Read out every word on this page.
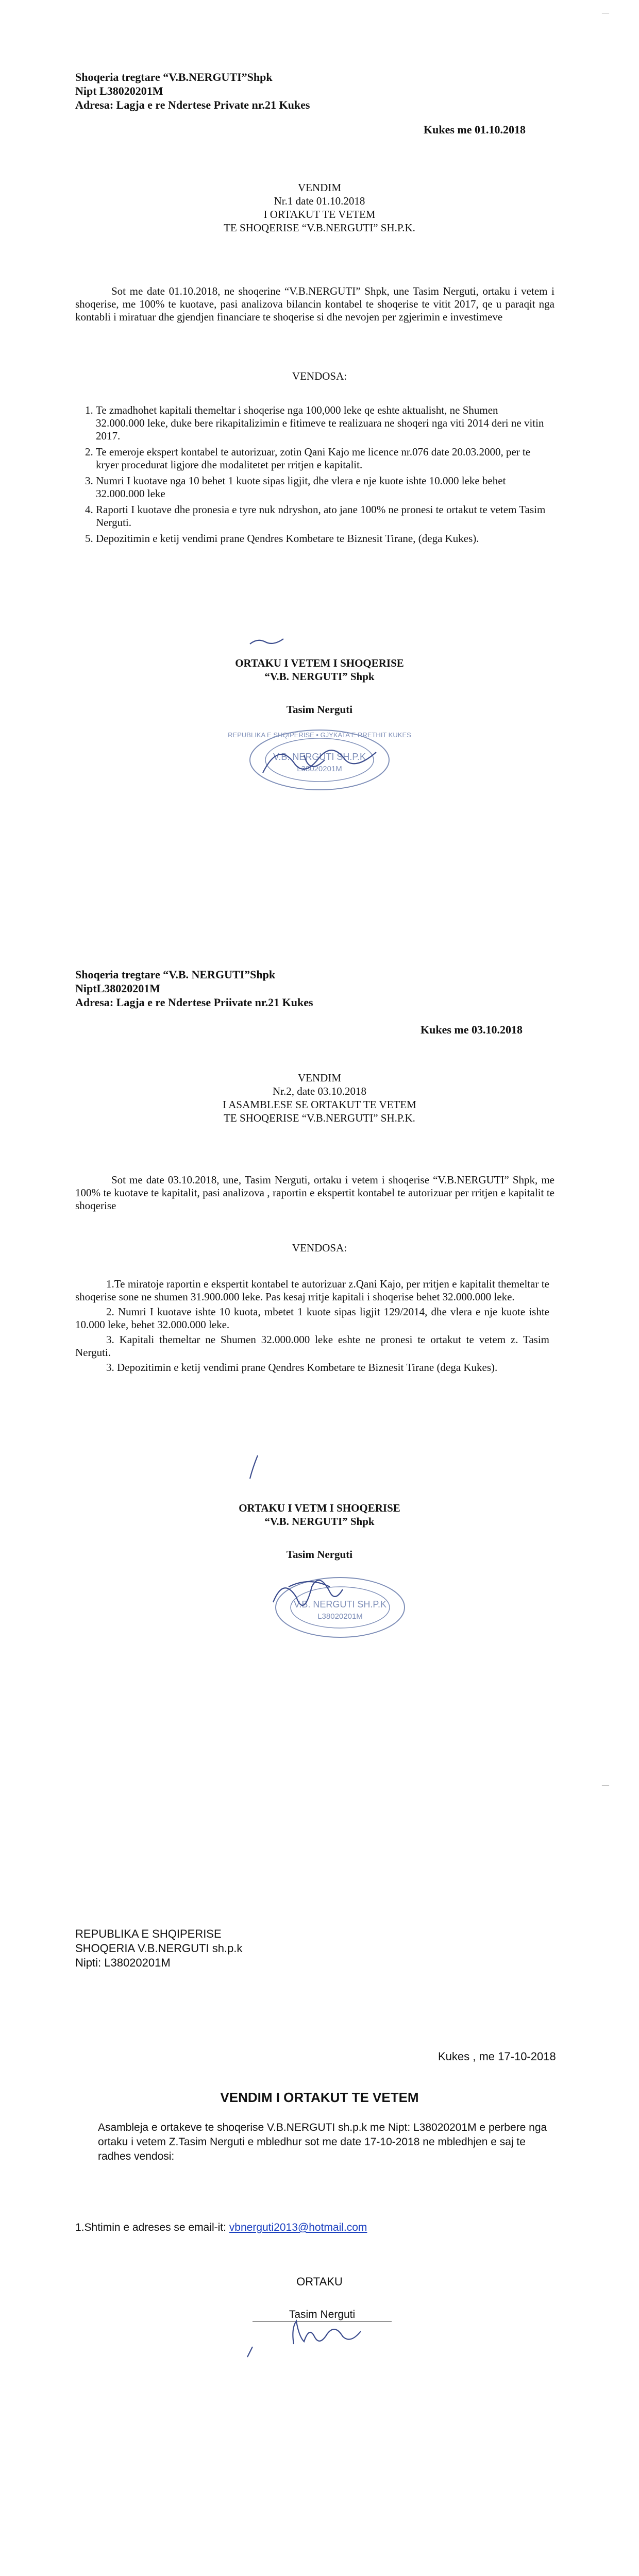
—
Shoqeria tregtare “V.B.NERGUTI”Shpk
Nipt L38020201M
Adresa: Lagja e re Ndertese Private nr.21 Kukes
Kukes me 01.10.2018
VENDIM
Nr.1 date 01.10.2018
I ORTAKUT TE VETEM
TE SHOQERISE “V.B.NERGUTI” SH.P.K.
Sot me date 01.10.2018, ne shoqerine “V.B.NERGUTI” Shpk, une Tasim Nerguti, ortaku i vetem i shoqerise, me 100% te kuotave, pasi analizova bilancin kontabel te shoqerise te vitit 2017, qe u paraqit nga kontabli i miratuar dhe gjendjen financiare te shoqerise si dhe nevojen per zgjerimin e investimeve
VENDOSA:
1. Te zmadhohet kapitali themeltar i shoqerise nga 100,000 leke qe eshte aktualisht, ne Shumen 32.000.000 leke, duke bere rikapitalizimin e fitimeve te realizuara ne shoqeri nga viti 2014 deri ne vitin 2017.
2. Te emeroje ekspert kontabel te autorizuar, zotin Qani Kajo me licence nr.076 date 20.03.2000, per te kryer procedurat ligjore dhe modalitetet per rritjen e kapitalit.
3. Numri I kuotave nga 10 behet 1 kuote sipas ligjit, dhe vlera e nje kuote ishte 10.000 leke behet 32.000.000 leke
4. Raporti I kuotave dhe pronesia e tyre nuk ndryshon, ato jane 100% ne pronesi te ortakut te vetem Tasim Nerguti.
5. Depozitimin e ketij vendimi prane Qendres Kombetare te Biznesit Tirane, (dega Kukes).
ORTAKU I VETEM I SHOQERISE
“V.B. NERGUTI” Shpk
Tasim Nerguti
REPUBLIKA E SHQIPERISE • GJYKATA E RRETHIT KUKES
V.B. NERGUTI SH.P.K
L38020201M
Shoqeria tregtare “V.B. NERGUTI”Shpk
NiptL38020201M
Adresa: Lagja e re Ndertese Priivate nr.21 Kukes
Kukes me 03.10.2018
VENDIM
Nr.2, date 03.10.2018
I ASAMBLESE SE ORTAKUT TE VETEM
TE SHOQERISE “V.B.NERGUTI” SH.P.K.
Sot me date 03.10.2018, une, Tasim Nerguti, ortaku i vetem i shoqerise “V.B.NERGUTI” Shpk, me 100% te kuotave te kapitalit, pasi analizova , raportin e ekspertit kontabel te autorizuar per rritjen e kapitalit te shoqerise
VENDOSA:
1.Te miratoje raportin e ekspertit kontabel te autorizuar z.Qani Kajo, per rritjen e kapitalit themeltar te shoqerise sone ne shumen 31.900.000 leke. Pas kesaj rritje kapitali i shoqerise behet 32.000.000 leke.
2. Numri I kuotave ishte 10 kuota, mbetet 1 kuote sipas ligjit 129/2014, dhe vlera e nje kuote ishte 10.000 leke, behet 32.000.000 leke.
3. Kapitali themeltar ne Shumen 32.000.000 leke eshte ne pronesi te ortakut te vetem z. Tasim Nerguti.
3. Depozitimin e ketij vendimi prane Qendres Kombetare te Biznesit Tirane (dega Kukes).
ORTAKU I VETM I SHOQERISE
“V.B. NERGUTI” Shpk
Tasim Nerguti
V.B. NERGUTI SH.P.K
L38020201M
—
REPUBLIKA E SHQIPERISE
SHOQERIA V.B.NERGUTI sh.p.k
Nipti: L38020201M
Kukes , me 17-10-2018
VENDIM I ORTAKUT TE VETEM
Asambleja e ortakeve te shoqerise V.B.NERGUTI sh.p.k me Nipt: L38020201M e perbere nga ortaku i vetem Z.Tasim Nerguti e mbledhur sot me date 17-10-2018 ne mbledhjen e saj te radhes vendosi:
1.Shtimin e adreses se email-it: vbnerguti2013@hotmail.com
ORTAKU
Tasim Nerguti
